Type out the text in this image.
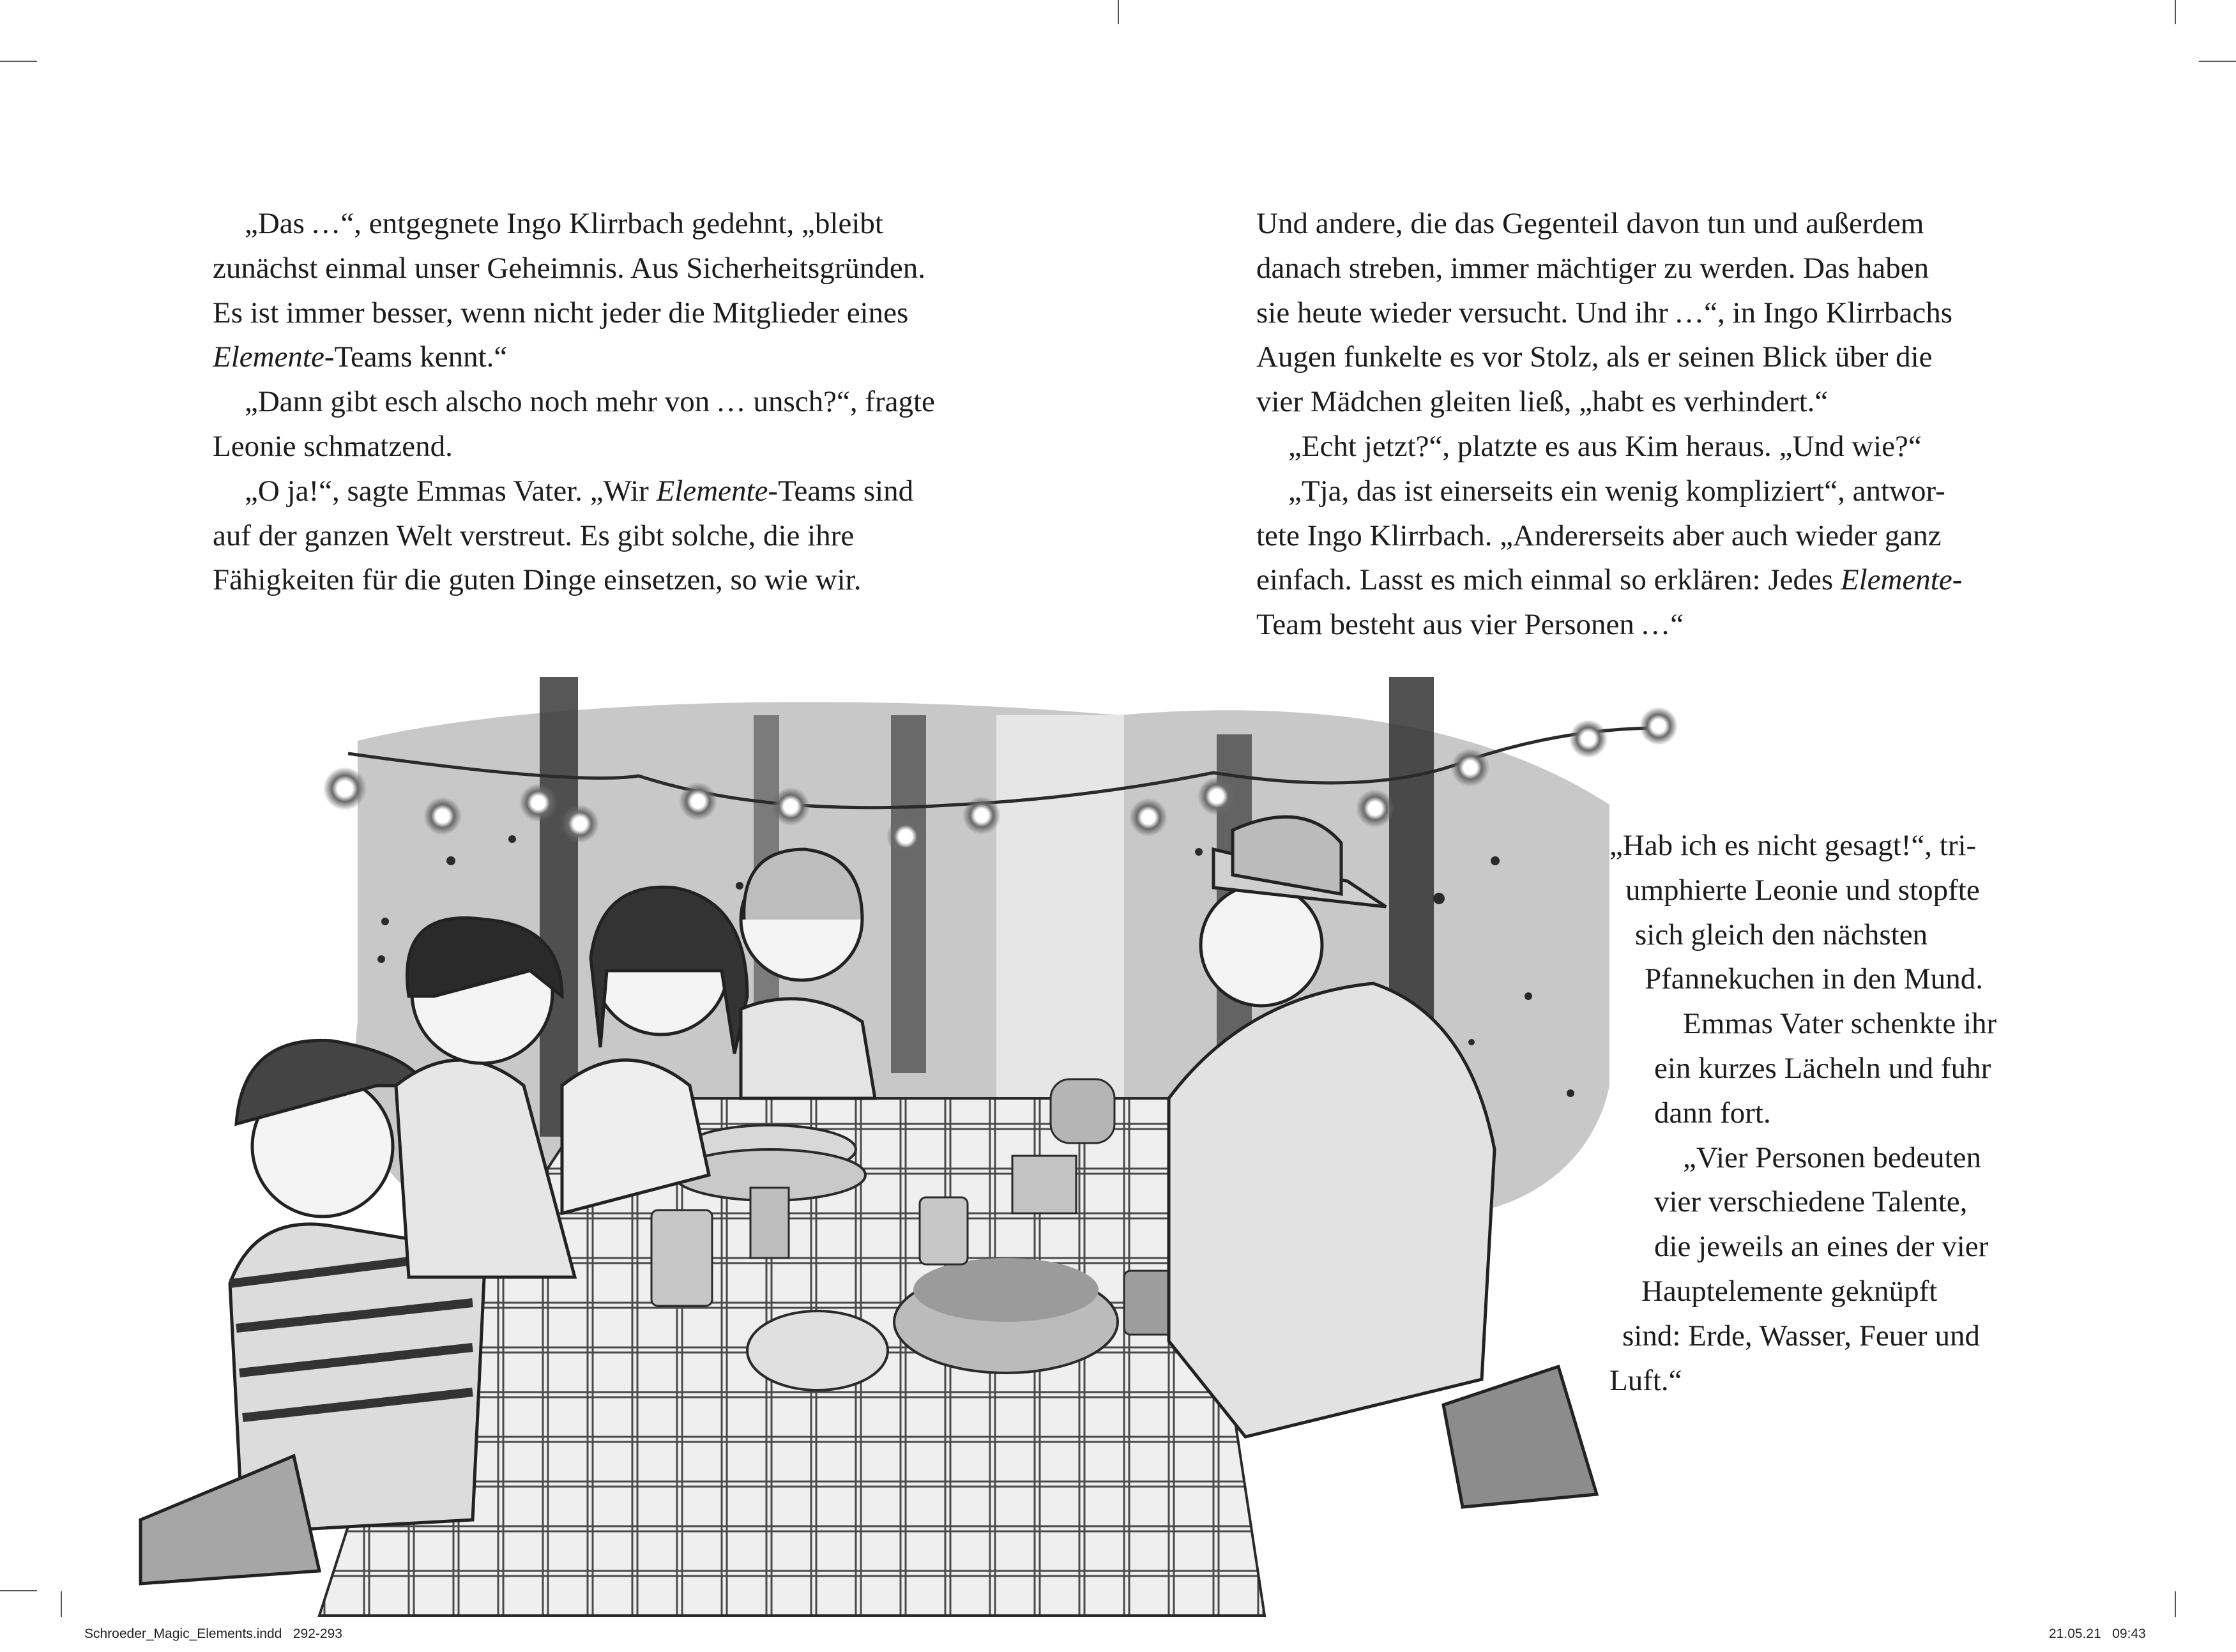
„Das …“, entgegnete Ingo Klirrbach gedehnt, „bleibt
zunächst einmal unser Geheimnis. Aus Sicherheitsgründen.
Es ist immer besser, wenn nicht jeder die Mitglieder eines
Elemente-Teams kennt.“
„Dann gibt esch alscho noch mehr von … unsch?“, fragte
Leonie schmatzend.
„O ja!“, sagte Emmas Vater. „Wir Elemente-Teams sind
auf der ganzen Welt verstreut. Es gibt solche, die ihre
Fähigkeiten für die guten Dinge einsetzen, so wie wir.
Und andere, die das Gegenteil davon tun und außerdem
danach streben, immer mächtiger zu werden. Das haben
sie heute wieder versucht. Und ihr …“, in Ingo Klirrbachs
Augen funkelte es vor Stolz, als er seinen Blick über die
vier Mädchen gleiten ließ, „habt es verhindert.“
„Echt jetzt?“, platzte es aus Kim heraus. „Und wie?“
„Tja, das ist einerseits ein wenig kompliziert“, antwor-
tete Ingo Klirrbach. „Andererseits aber auch wieder ganz
einfach. Lasst es mich einmal so erklären: Jedes Elemente-
Team besteht aus vier Personen …“
„Hab ich es nicht gesagt!“, tri-
umphierte Leonie und stopfte
sich gleich den nächsten
Pfannekuchen in den Mund.
Emmas Vater schenkte ihr
ein kurzes Lächeln und fuhr
dann fort.
„Vier Personen bedeuten
vier verschiedene Talente,
die jeweils an eines der vier
Hauptelemente geknüpft
sind: Erde, Wasser, Feuer und
Luft.“
Schroeder_Magic_Elements.indd   292-293	21.05.21   09:43
